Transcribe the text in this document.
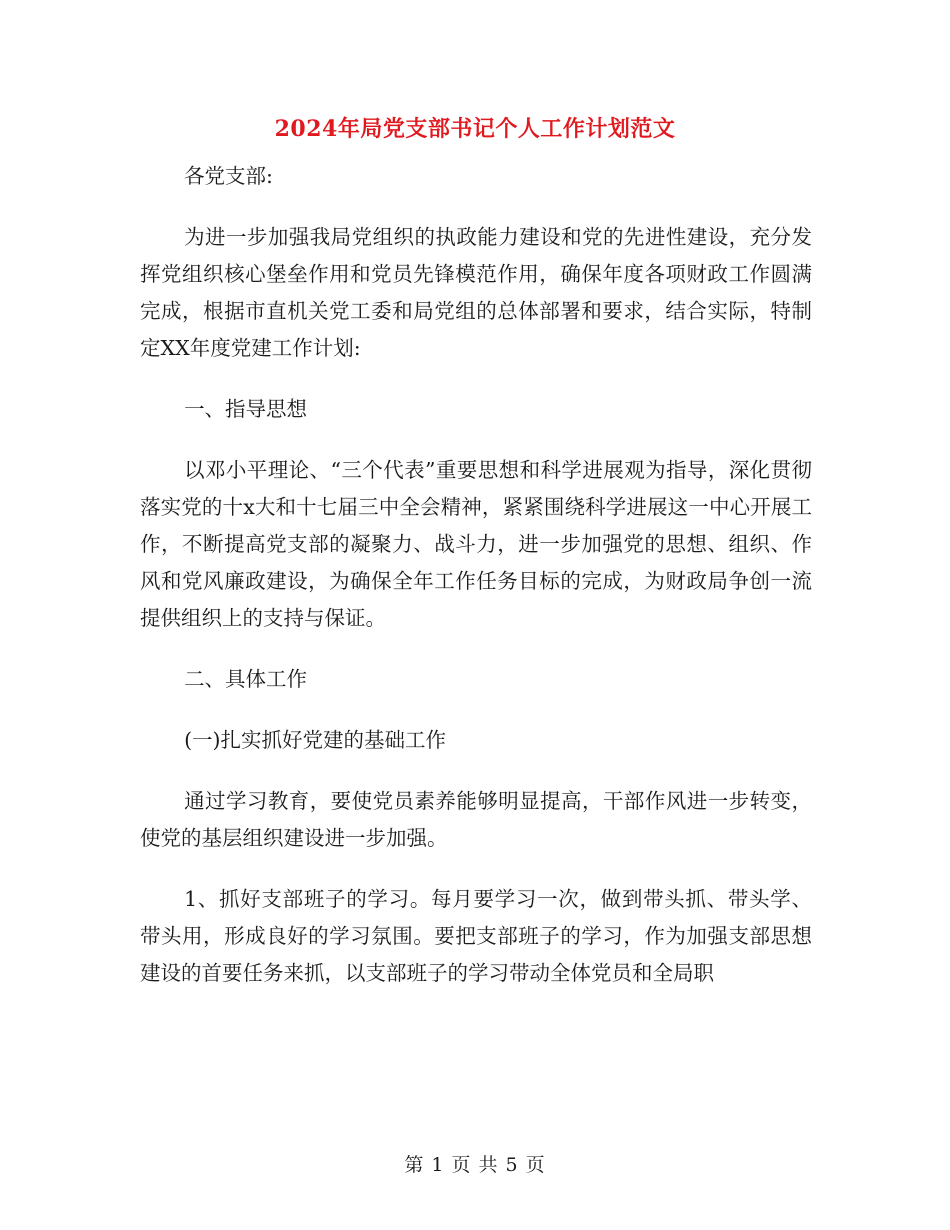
2024年局党支部书记个人工作计划范文

各党支部:

为进一步加强我局党组织的执政能力建设和党的先进性建设，充分发挥党组织核心堡垒作用和党员先锋模范作用，确保年度各项财政工作圆满完成，根据市直机关党工委和局党组的总体部署和要求，结合实际，特制定XX年度党建工作计划:

一、指导思想

以邓小平理论、“三个代表”重要思想和科学进展观为指导，深化贯彻落实党的十x大和十七届三中全会精神，紧紧围绕科学进展这一中心开展工作，不断提高党支部的凝聚力、战斗力，进一步加强党的思想、组织、作风和党风廉政建设，为确保全年工作任务目标的完成，为财政局争创一流提供组织上的支持与保证。

二、具体工作

(一)扎实抓好党建的基础工作

通过学习教育，要使党员素养能够明显提高，干部作风进一步转变，使党的基层组织建设进一步加强。

1、抓好支部班子的学习。每月要学习一次，做到带头抓、带头学、带头用，形成良好的学习氛围。要把支部班子的学习，作为加强支部思想建设的首要任务来抓，以支部班子的学习带动全体党员和全局职

第 1 页 共 5 页
